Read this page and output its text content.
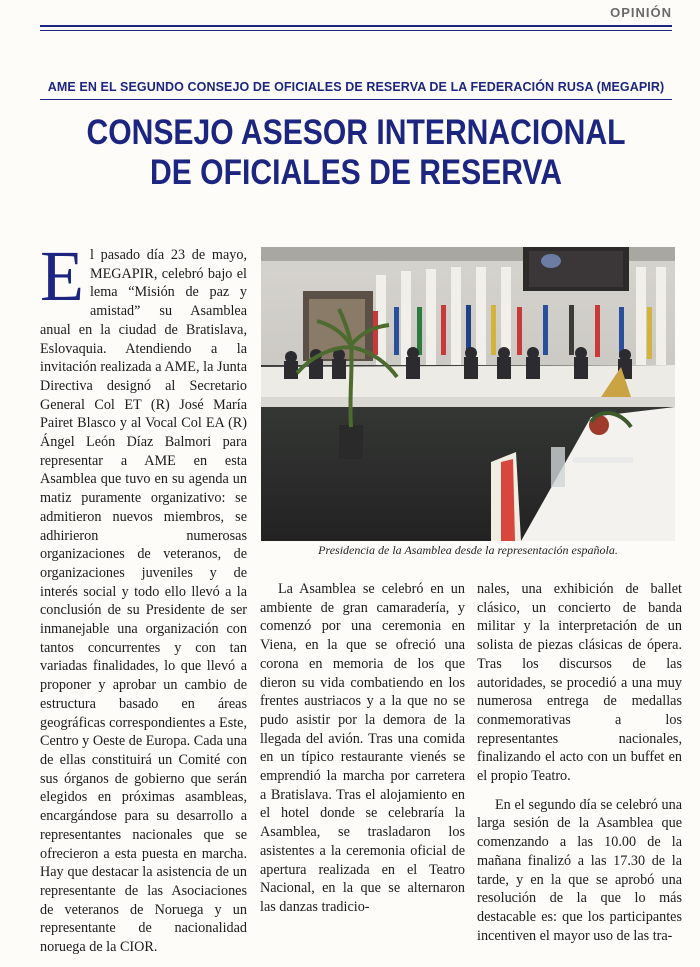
OPINIÓN
AME EN EL SEGUNDO CONSEJO DE OFICIALES DE RESERVA DE LA FEDERACIÓN RUSA (MEGAPIR)
CONSEJO ASESOR INTERNACIONAL
DE OFICIALES DE RESERVA

El pasado día 23 de mayo, MEGAPIR, celebró bajo el lema “Misión de paz y amistad” su Asamblea anual en la ciudad de Bratislava, Eslovaquia. Atendiendo a la invitación realizada a AME, la Junta Directiva designó al Secretario General Col ET (R) José María Pairet Blasco y al Vocal Col EA (R) Ángel León Díaz Balmori para representar a AME en esta Asamblea que tuvo en su agenda un matiz puramente organizativo: se admitieron nuevos miembros, se adhirieron numerosas organizaciones de veteranos, de organizaciones juveniles y de interés social y todo ello llevó a la conclusión de su Presidente de ser inmanejable una organización con tantos concurrentes y con tan variadas finalidades, lo que llevó a proponer y aprobar un cambio de estructura basado en áreas geográficas correspondientes a Este, Centro y Oeste de Europa. Cada una de ellas constituirá un Comité con sus órganos de gobierno que serán elegidos en próximas asambleas, encargándose para su desarrollo a representantes nacionales que se ofrecieron a esta puesta en marcha. Hay que destacar la asistencia de un representante de las Asociaciones de veteranos de Noruega y un representante de nacionalidad noruega de la CIOR.

Presidencia de la Asamblea desde la representación española.

La Asamblea se celebró en un ambiente de gran camaradería, y comenzó por una ceremonia en Viena, en la que se ofreció una corona en memoria de los que dieron su vida combatiendo en los frentes austriacos y a la que no se pudo asistir por la demora de la llegada del avión. Tras una comida en un típico restaurante vienés se emprendió la marcha por carretera a Bratislava. Tras el alojamiento en el hotel donde se celebraría la Asamblea, se trasladaron los asistentes a la ceremonia oficial de apertura realizada en el Teatro Nacional, en la que se alternaron las danzas tradicio-

nales, una exhibición de ballet clásico, un concierto de banda militar y la interpretación de un solista de piezas clásicas de ópera. Tras los discursos de las autoridades, se procedió a una muy numerosa entrega de medallas conmemorativas a los representantes nacionales, finalizando el acto con un buffet en el propio Teatro.

En el segundo día se celebró una larga sesión de la Asamblea que comenzando a las 10.00 de la mañana finalizó a las 17.30 de la tarde, y en la que se aprobó una resolución de la que lo más destacable es: que los participantes incentiven el mayor uso de las tra-
